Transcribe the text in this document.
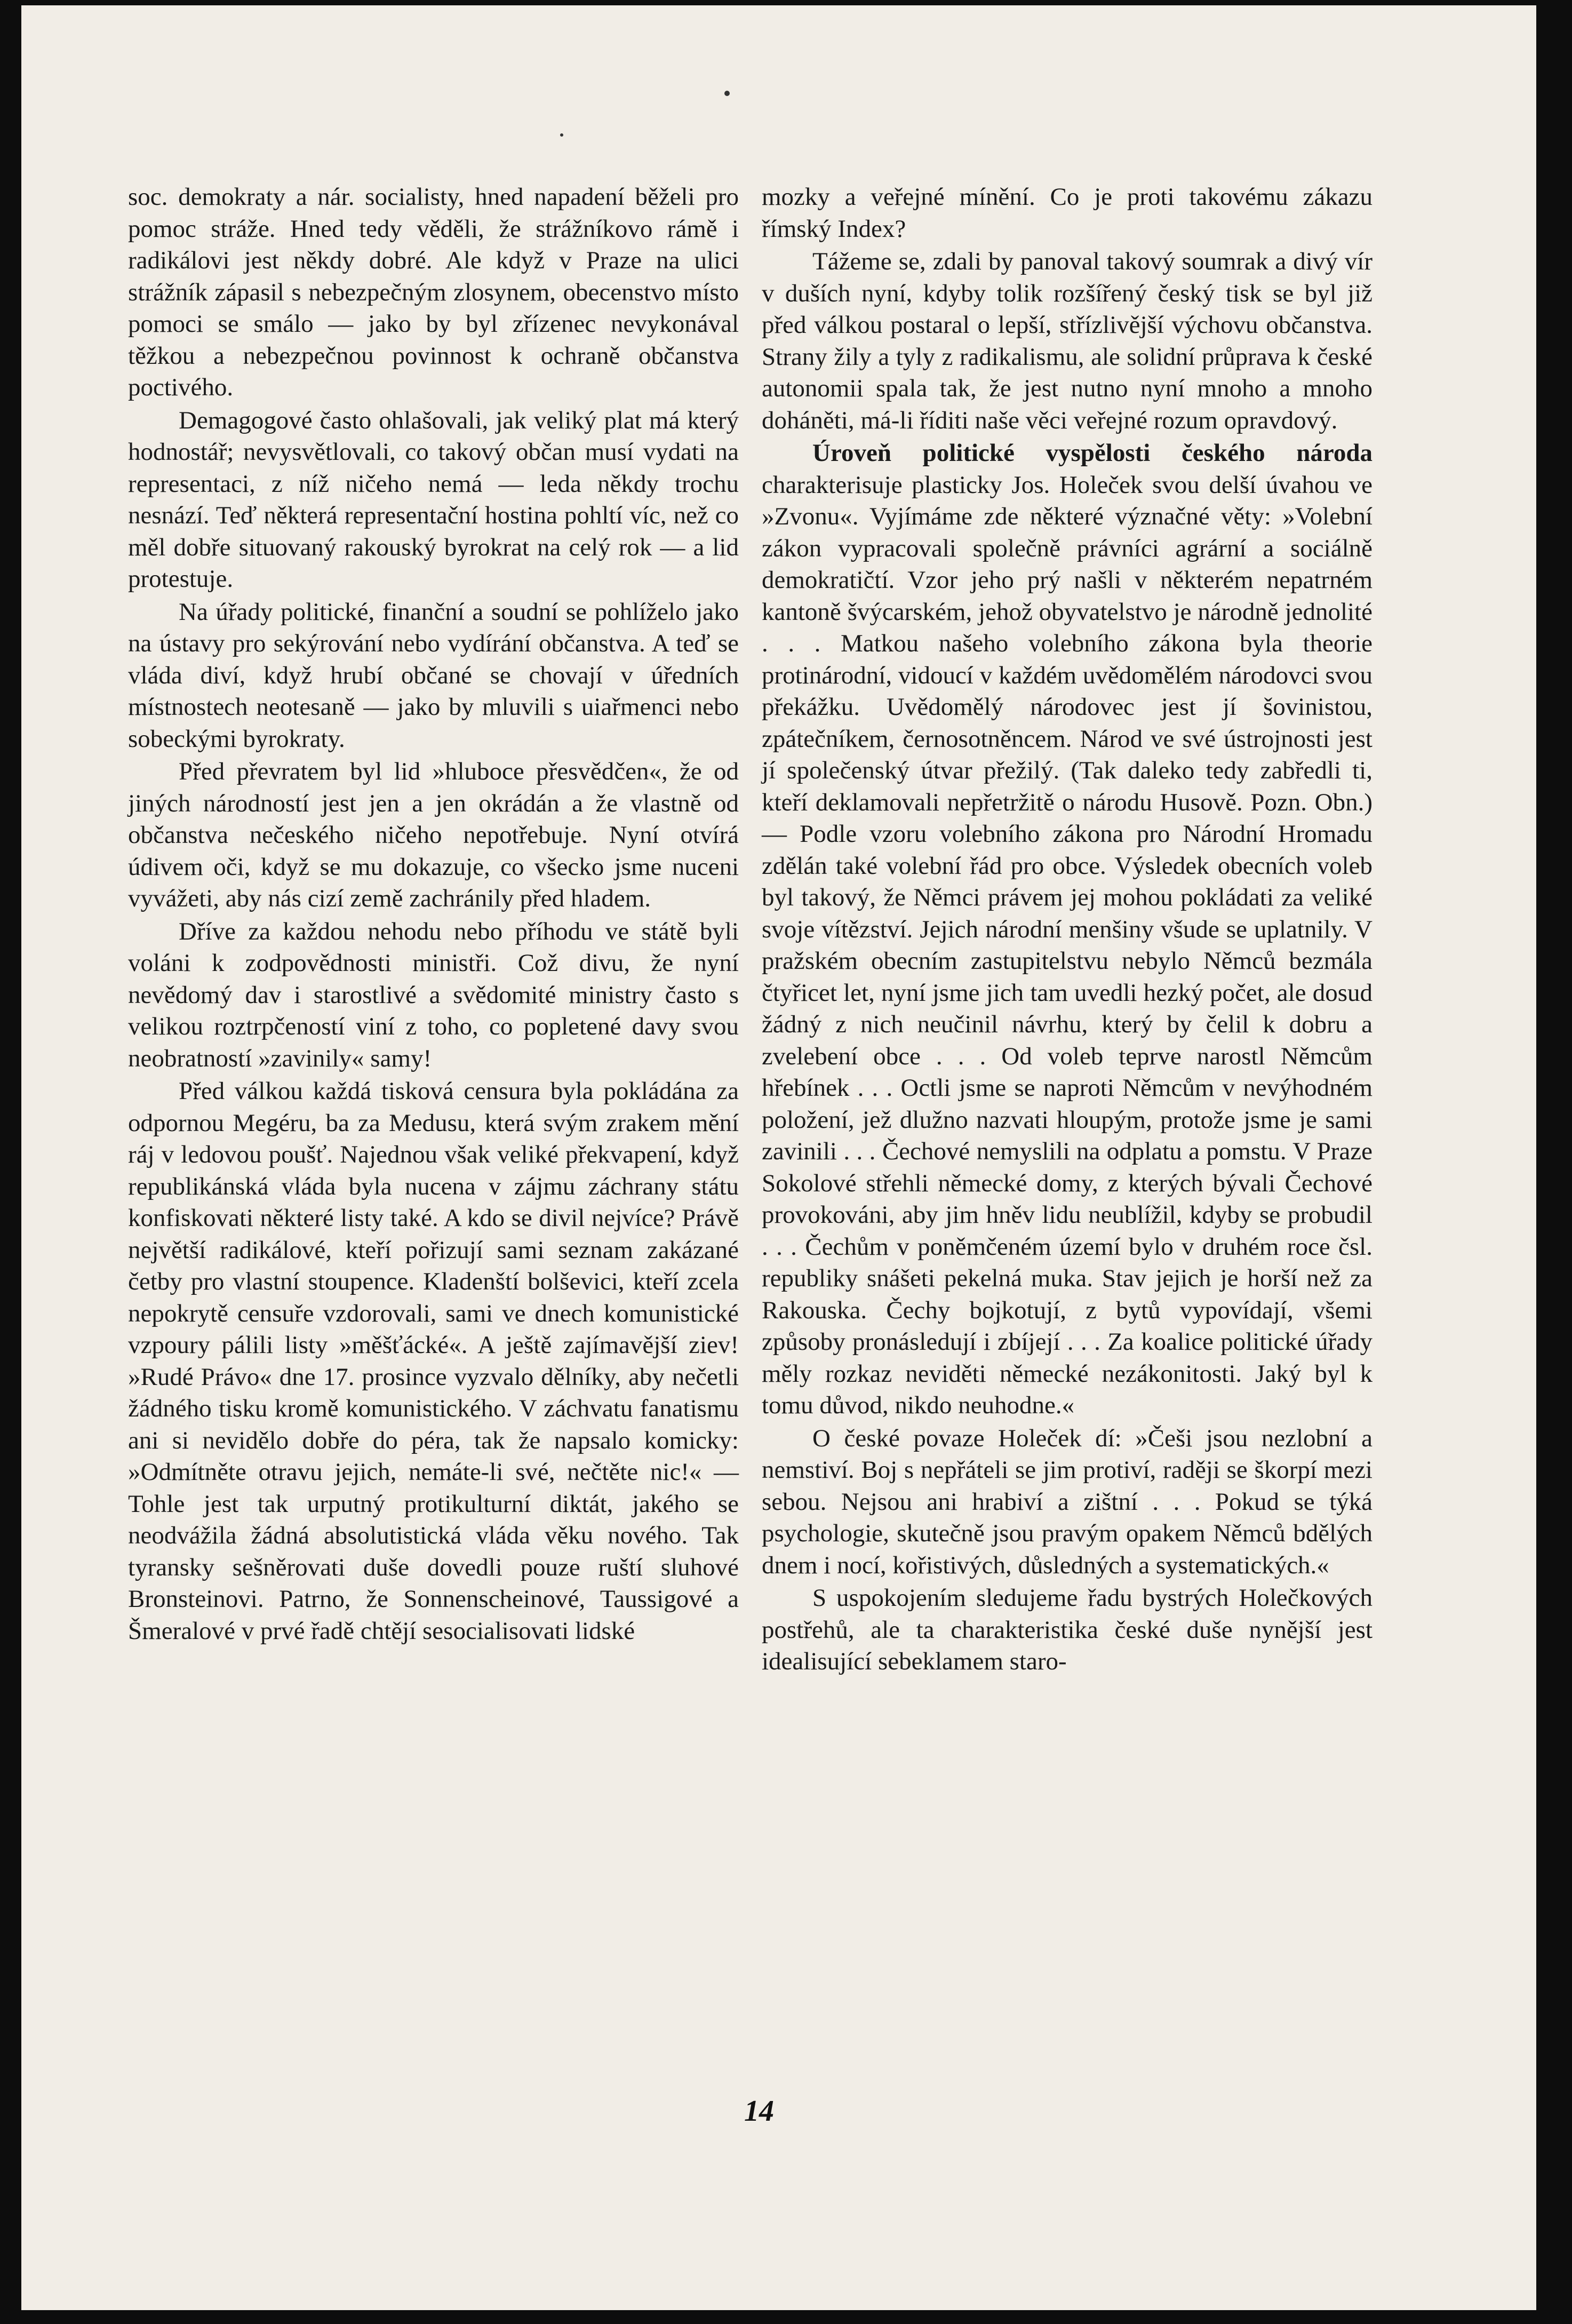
soc. demokraty a nár. socialisty, hned napadení běželi pro pomoc stráže. Hned tedy věděli, že strážníkovo rámě i radikálovi jest někdy dobré. Ale když v Praze na ulici strážník zápasil s nebezpečným zlosynem, obecenstvo místo pomoci se smálo — jako by byl zřízenec nevykonával těžkou a nebezpečnou povinnost k ochraně občanstva poctivého.

Demagogové často ohlašovali, jak veliký plat má který hodnostář; nevysvětlovali, co takový občan musí vydati na representaci, z níž ničeho nemá — leda někdy trochu nesnází. Teď některá representační hostina pohltí víc, než co měl dobře situovaný rakouský byrokrat na celý rok — a lid protestuje.

Na úřady politické, finanční a soudní se pohlíželo jako na ústavy pro sekýrování nebo vydírání občanstva. A teď se vláda diví, když hrubí občané se chovají v úředních místnostech neotesaně — jako by mluvili s uiařmenci nebo sobeckými byrokraty.

Před převratem byl lid »hluboce přesvědčen«, že od jiných národností jest jen a jen okrádán a že vlastně od občanstva nečeského ničeho nepotřebuje. Nyní otvírá údivem oči, když se mu dokazuje, co všecko jsme nuceni vyvážeti, aby nás cizí země zachránily před hladem.

Dříve za každou nehodu nebo příhodu ve státě byli voláni k zodpovědnosti ministři. Což divu, že nyní nevědomý dav i starostlivé a svědomité ministry často s velikou roztrpčeností viní z toho, co popletené davy svou neobratností »zavinily« samy!

Před válkou každá tisková censura byla pokládána za odpornou Megéru, ba za Medusu, která svým zrakem mění ráj v ledovou poušť. Najednou však veliké překvapení, když republikánská vláda byla nucena v zájmu záchrany státu konfiskovati některé listy také. A kdo se divil nejvíce? Právě největší radikálové, kteří pořizují sami seznam zakázané četby pro vlastní stoupence. Kladenští bolševici, kteří zcela nepokrytě censuře vzdorovali, sami ve dnech komunistické vzpoury pálili listy »měšťácké«. A ještě zajímavější ziev! »Rudé Právo« dne 17. prosince vyzvalo dělníky, aby nečetli žádného tisku kromě komunistického. V záchvatu fanatismu ani si nevidělo dobře do péra, tak že napsalo komicky: »Odmítněte otravu jejich, nemáte-li své, nečtěte nic!« — Tohle jest tak urputný protikulturní diktát, jakého se neodvážila žádná absolutistická vláda věku nového. Tak tyransky sešněrovati duše dovedli pouze ruští sluhové Bronsteinovi. Patrno, že Sonnenscheinové, Taussigové a Šmeralové v prvé řadě chtějí sesocialisovati lidské

mozky a veřejné mínění. Co je proti takovému zákazu římský Index?

Tážeme se, zdali by panoval takový soumrak a divý vír v duších nyní, kdyby tolik rozšířený český tisk se byl již před válkou postaral o lepší, střízlivější výchovu občanstva. Strany žily a tyly z radikalismu, ale solidní průprava k české autonomii spala tak, že jest nutno nyní mnoho a mnoho doháněti, má-li říditi naše věci veřejné rozum opravdový.

Úroveň politické vyspělosti českého národa charakterisuje plasticky Jos. Holeček svou delší úvahou ve »Zvonu«. Vyjímáme zde některé význačné věty: »Volební zákon vypracovali společně právníci agrární a sociálně demokratičtí. Vzor jeho prý našli v některém nepatrném kantoně švýcarském, jehož obyvatelstvo je národně jednolité . . . Matkou našeho volebního zákona byla theorie protinárodní, vidoucí v každém uvědomělém národovci svou překážku. Uvědomělý národovec jest jí šovinistou, zpátečníkem, černosotněncem. Národ ve své ústrojnosti jest jí společenský útvar přežilý. (Tak daleko tedy zabředli ti, kteří deklamovali nepřetržitě o národu Husově. Pozn. Obn.) — Podle vzoru volebního zákona pro Národní Hromadu zdělán také volební řád pro obce. Výsledek obecních voleb byl takový, že Němci právem jej mohou pokládati za veliké svoje vítězství. Jejich národní menšiny všude se uplatnily. V pražském obecním zastupitelstvu nebylo Němců bezmála čtyřicet let, nyní jsme jich tam uvedli hezký počet, ale dosud žádný z nich neučinil návrhu, který by čelil k dobru a zvelebení obce . . . Od voleb teprve narostl Němcům hřebínek . . . Octli jsme se naproti Němcům v nevýhodném položení, jež dlužno nazvati hloupým, protože jsme je sami zavinili . . . Čechové nemyslili na odplatu a pomstu. V Praze Sokolové střehli německé domy, z kterých bývali Čechové provokováni, aby jim hněv lidu neublížil, kdyby se probudil . . . Čechům v poněmčeném území bylo v druhém roce čsl. republiky snášeti pekelná muka. Stav jejich je horší než za Rakouska. Čechy bojkotují, z bytů vypovídají, všemi způsoby pronásledují i zbíjejí . . . Za koalice politické úřady měly rozkaz neviděti německé nezákonitosti. Jaký byl k tomu důvod, nikdo neuhodne.«

O české povaze Holeček dí: »Češi jsou nezlobní a nemstiví. Boj s nepřáteli se jim protiví, raději se škorpí mezi sebou. Nejsou ani hrabiví a zištní . . . Pokud se týká psychologie, skutečně jsou pravým opakem Němců bdělých dnem i nocí, kořistivých, důsledných a systematických.«

S uspokojením sledujeme řadu bystrých Holečkových postřehů, ale ta charakteristika české duše nynější jest idealisující sebeklamem staro-

14
